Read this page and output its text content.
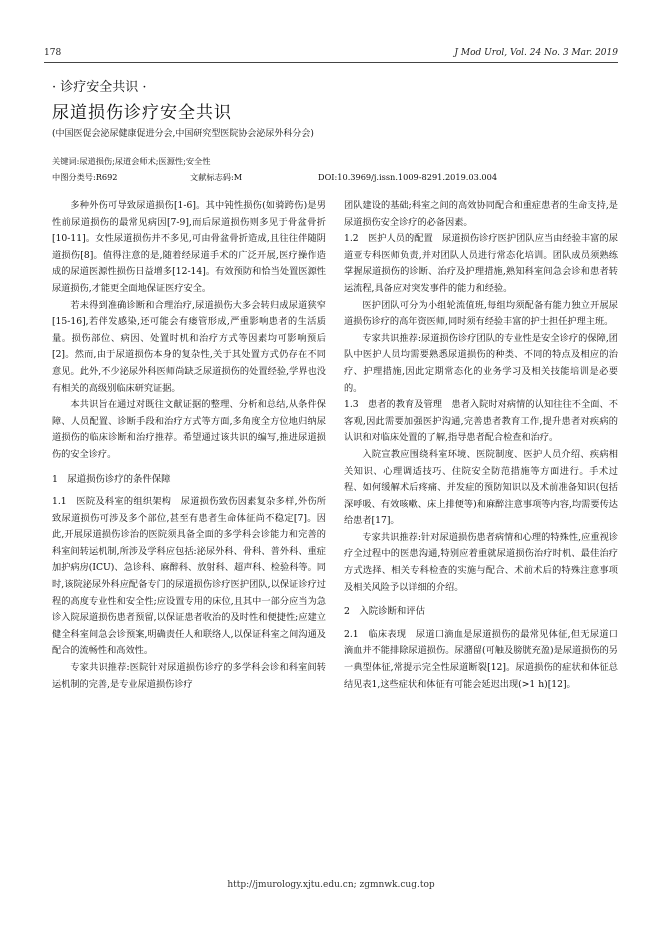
178	J Mod Urol, Vol. 24 No. 3 Mar. 2019
· 诊疗安全共识 ·
尿道损伤诊疗安全共识
(中国医促会泌尿健康促进分会,中国研究型医院协会泌尿外科分会)
关键词:尿道损伤;尿道会师术;医源性;安全性
中图分类号:R692	文献标志码:M	DOI:10.3969/j.issn.1009-8291.2019.03.004

多种外伤可导致尿道损伤[1-6]。其中钝性损伤(如骑跨伤)是男性前尿道损伤的最常见病因[7-9],而后尿道损伤则多见于骨盆骨折[10-11]。女性尿道损伤并不多见,可由骨盆骨折造成,且往往伴随阴道损伤[8]。值得注意的是,随着经尿道手术的广泛开展,医疗操作造成的尿道医源性损伤日益增多[12-14]。有效预防和恰当处置医源性尿道损伤,才能更全面地保证医疗安全。

若未得到准确诊断和合理治疗,尿道损伤大多会转归成尿道狭窄[15-16],若伴发感染,还可能会有瘘管形成,严重影响患者的生活质量。损伤部位、病因、处置时机和治疗方式等因素均可影响预后[2]。然而,由于尿道损伤本身的复杂性,关于其处置方式仍存在不同意见。此外,不少泌尿外科医师尚缺乏尿道损伤的处置经验,学界也没有相关的高级别临床研究证据。

本共识旨在通过对既往文献证据的整理、分析和总结,从条件保障、人员配置、诊断手段和治疗方式等方面,多角度全方位地归纳尿道损伤的临床诊断和治疗推荐。希望通过该共识的编写,推进尿道损伤的安全诊疗。

1　尿道损伤诊疗的条件保障

1.1　医院及科室的组织架构　尿道损伤致伤因素复杂多样,外伤所致尿道损伤可涉及多个部位,甚至有患者生命体征尚不稳定[7]。因此,开展尿道损伤诊治的医院须具备全面的多学科会诊能力和完善的科室间转运机制,所涉及学科应包括:泌尿外科、骨科、普外科、重症加护病房(ICU)、急诊科、麻醉科、放射科、超声科、检验科等。同时,该院泌尿外科应配备专门的尿道损伤诊疗医护团队,以保证诊疗过程的高度专业性和安全性;应设置专用的床位,且其中一部分应当为急诊入院尿道损伤患者预留,以保证患者收治的及时性和便捷性;应建立健全科室间急会诊预案,明确责任人和联络人,以保证科室之间沟通及配合的流畅性和高效性。

专家共识推荐:医院针对尿道损伤诊疗的多学科会诊和科室间转运机制的完善,是专业尿道损伤诊疗

团队建设的基础;科室之间的高效协同配合和重症患者的生命支持,是尿道损伤安全诊疗的必备因素。

1.2　医护人员的配置　尿道损伤诊疗医护团队应当由经验丰富的尿道亚专科医师负责,并对团队人员进行常态化培训。团队成员须熟练掌握尿道损伤的诊断、治疗及护理措施,熟知科室间急会诊和患者转运流程,具备应对突发事件的能力和经验。

医护团队可分为小组轮流值班,每组均须配备有能力独立开展尿道损伤诊疗的高年资医师,同时须有经验丰富的护士担任护理主班。

专家共识推荐:尿道损伤诊疗团队的专业性是安全诊疗的保障,团队中医护人员均需要熟悉尿道损伤的种类、不同的特点及相应的治疗、护理措施,因此定期常态化的业务学习及相关技能培训是必要的。

1.3　患者的教育及管理　患者入院时对病情的认知往往不全面、不客观,因此需要加强医护沟通,完善患者教育工作,提升患者对疾病的认识和对临床处置的了解,指导患者配合检查和治疗。

入院宣教应围绕科室环境、医院制度、医护人员介绍、疾病相关知识、心理调适技巧、住院安全防范措施等方面进行。手术过程、如何缓解术后疼痛、并发症的预防知识以及术前准备知识(包括深呼吸、有效咳嗽、床上排便等)和麻醉注意事项等内容,均需要传达给患者[17]。

专家共识推荐:针对尿道损伤患者病情和心理的特殊性,应重视诊疗全过程中的医患沟通,特别应着重就尿道损伤治疗时机、最佳治疗方式选择、相关专科检查的实施与配合、术前术后的特殊注意事项及相关风险予以详细的介绍。

2　入院诊断和评估

2.1　临床表现　尿道口滴血是尿道损伤的最常见体征,但无尿道口滴血并不能排除尿道损伤。尿潴留(可触及膀胱充盈)是尿道损伤的另一典型体征,常提示完全性尿道断裂[12]。尿道损伤的症状和体征总结见表1,这些症状和体征有可能会延迟出现(>1 h)[12]。

http://jmurology.xjtu.edu.cn; zgmnwk.cug.top
